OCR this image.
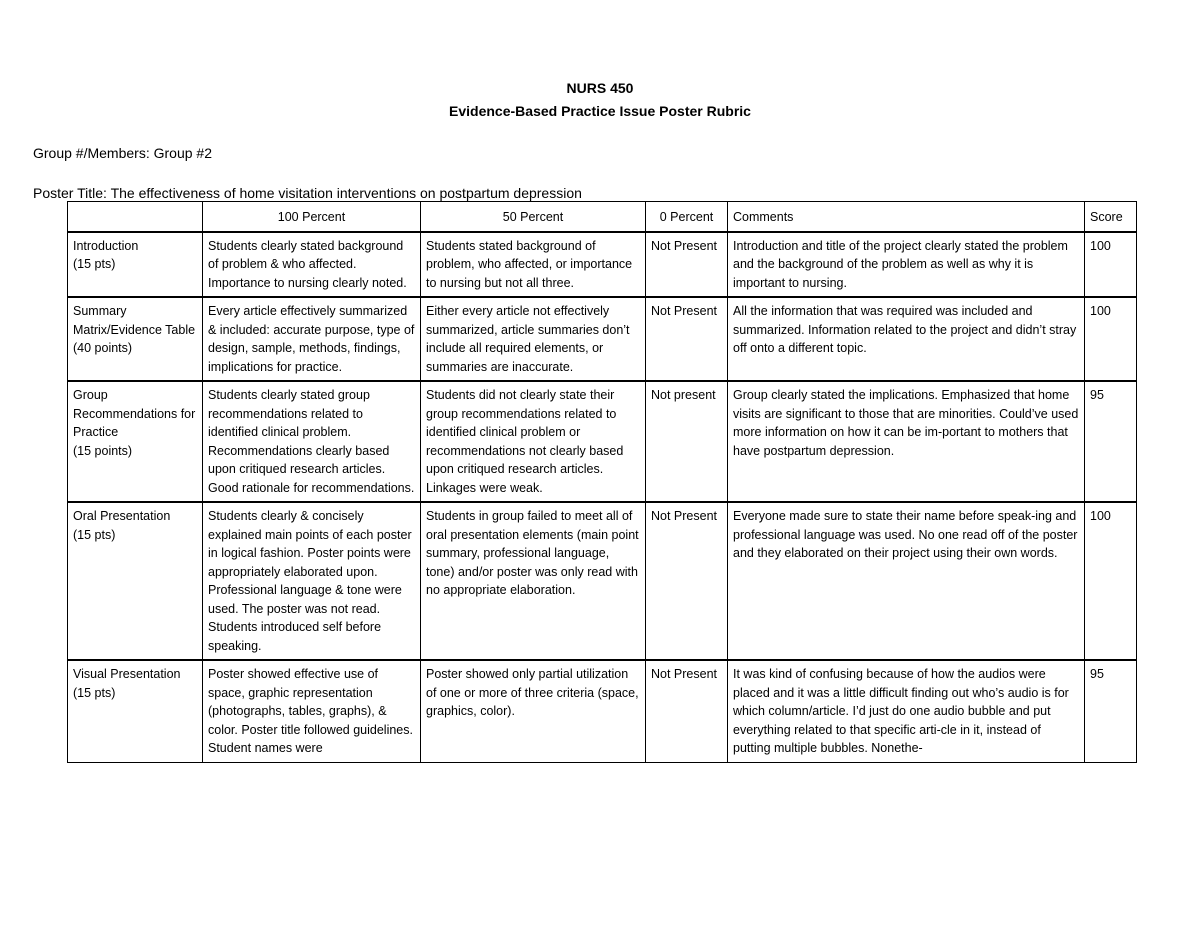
NURS 450
Evidence-Based Practice Issue Poster Rubric
Group #/Members: Group #2
Poster Title: The effectiveness of home visitation interventions on postpartum depression
	100 Percent	50 Percent	0 Percent	Comments	Score

Introduction
(15 pts)	Students clearly stated background of problem & who affected. Importance to nursing clearly noted.	Students stated background of problem, who affected, or importance to nursing but not all three.	Not Present	Introduction and title of the project clearly stated the problem and the background of the problem as well as why it is important to nursing.	100

Summary Matrix/Evidence Table
(40 points)	Every article effectively summarized & included: accurate purpose, type of design, sample, methods, findings, implications for practice.	Either every article not effectively summarized, article summaries don’t include all required elements, or summaries are inaccurate.	Not Present	All the information that was required was included and summarized. Information related to the project and didn’t stray off onto a different topic.	100

Group Recommendations for Practice
(15 points)	Students clearly stated group recommendations related to identified clinical problem. Recommendations clearly based upon critiqued research articles. Good rationale for recommendations.	Students did not clearly state their group recommendations related to identified clinical problem or recommendations not clearly based upon critiqued research articles. Linkages were weak.	Not present	Group clearly stated the implications. Emphasized that home visits are significant to those that are minorities. Could’ve used more information on how it can be im-portant to mothers that have postpartum depression.	95

Oral Presentation
(15 pts)	Students clearly & concisely explained main points of each poster in logical fashion. Poster points were appropriately elaborated upon. Professional language & tone were used. The poster was not read. Students introduced self before speaking.	Students in group failed to meet all of oral presentation elements (main point summary, professional language, tone) and/or poster was only read with no appropriate elaboration.	Not Present	Everyone made sure to state their name before speak-ing and professional language was used. No one read off of the poster and they elaborated on their project using their own words.	100

Visual Presentation
(15 pts)	Poster showed effective use of space, graphic representation (photographs, tables, graphs), & color. Poster title followed guidelines. Student names were	Poster showed only partial utilization of one or more of three criteria (space, graphics, color).	Not Present	It was kind of confusing because of how the audios were placed and it was a little difficult finding out who’s audio is for which column/article. I’d just do one audio bubble and put everything related to that specific arti-cle in it, instead of putting multiple bubbles. Nonethe-	95
